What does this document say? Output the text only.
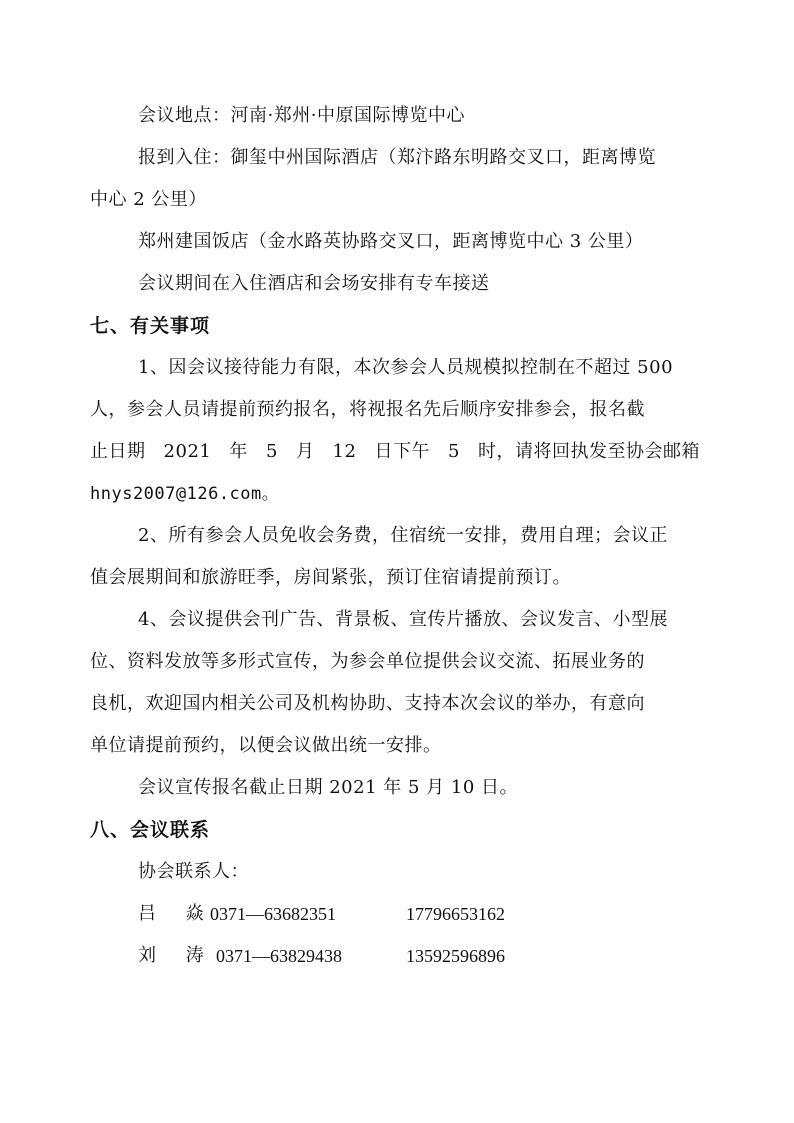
会议地点：河南·郑州·中原国际博览中心
报到入住：御玺中州国际酒店（郑汴路东明路交叉口，距离博览
中心 2 公里）
郑州建国饭店（金水路英协路交叉口，距离博览中心 3 公里）
会议期间在入住酒店和会场安排有专车接送
七、有关事项
1、因会议接待能力有限，本次参会人员规模拟控制在不超过 500
人，参会人员请提前预约报名，将视报名先后顺序安排参会，报名截
止日期 2021 年 5 月 12 日下午 5 时，请将回执发至协会邮箱
hnys2007@126.com。
2、所有参会人员免收会务费，住宿统一安排，费用自理；会议正
值会展期间和旅游旺季，房间紧张，预订住宿请提前预订。
4、会议提供会刊广告、背景板、宣传片播放、会议发言、小型展
位、资料发放等多形式宣传，为参会单位提供会议交流、拓展业务的
良机，欢迎国内相关公司及机构协助、支持本次会议的举办，有意向
单位请提前预约，以便会议做出统一安排。
会议宣传报名截止日期 2021 年 5 月 10 日。
八、会议联系
协会联系人：
吕 焱
0371—63682351	17796653162
刘 涛 0371—63829438	13592596896
